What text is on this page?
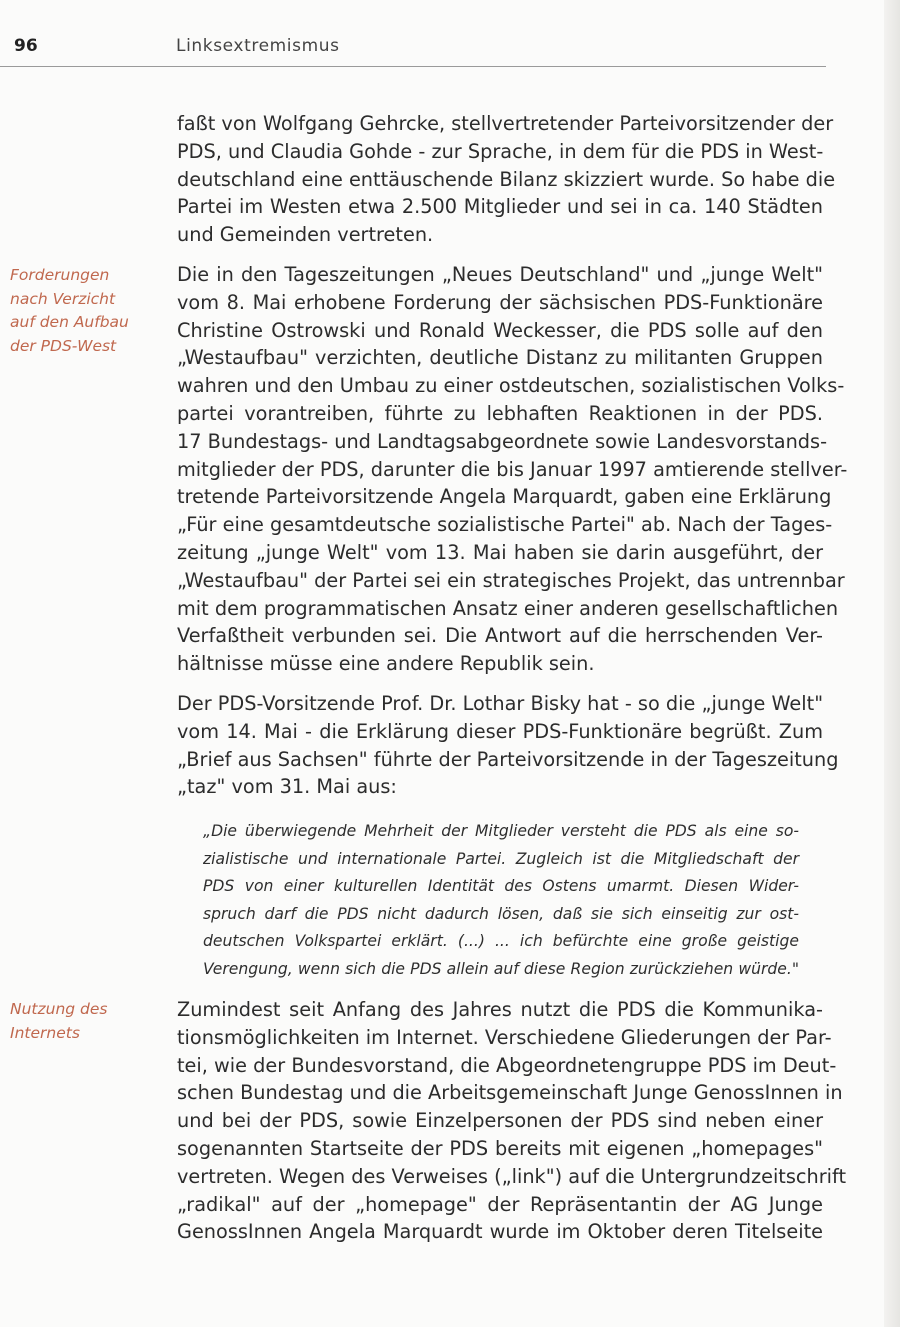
96	Linksextremismus
Forderungen
nach Verzicht
auf den Aufbau
der PDS-West
Nutzung des
Internets
faßt von Wolfgang Gehrcke, stellvertretender Parteivorsitzender der
PDS, und Claudia Gohde - zur Sprache, in dem für die PDS in West-
deutschland eine enttäuschende Bilanz skizziert wurde. So habe die
Partei im Westen etwa 2.500 Mitglieder und sei in ca. 140 Städten
und Gemeinden vertreten.
Die in den Tageszeitungen „Neues Deutschland" und „junge Welt"
vom 8. Mai erhobene Forderung der sächsischen PDS-Funktionäre
Christine Ostrowski und Ronald Weckesser, die PDS solle auf den
„Westaufbau" verzichten, deutliche Distanz zu militanten Gruppen
wahren und den Umbau zu einer ostdeutschen, sozialistischen Volks-
partei vorantreiben, führte zu lebhaften Reaktionen in der PDS.
17 Bundestags- und Landtagsabgeordnete sowie Landesvorstands-
mitglieder der PDS, darunter die bis Januar 1997 amtierende stellver-
tretende Parteivorsitzende Angela Marquardt, gaben eine Erklärung
„Für eine gesamtdeutsche sozialistische Partei" ab. Nach der Tages-
zeitung „junge Welt" vom 13. Mai haben sie darin ausgeführt, der
„Westaufbau" der Partei sei ein strategisches Projekt, das untrennbar
mit dem programmatischen Ansatz einer anderen gesellschaftlichen
Verfaßtheit verbunden sei. Die Antwort auf die herrschenden Ver-
hältnisse müsse eine andere Republik sein.
Der PDS-Vorsitzende Prof. Dr. Lothar Bisky hat - so die „junge Welt"
vom 14. Mai - die Erklärung dieser PDS-Funktionäre begrüßt. Zum
„Brief aus Sachsen" führte der Parteivorsitzende in der Tageszeitung
„taz" vom 31. Mai aus:
„Die überwiegende Mehrheit der Mitglieder versteht die PDS als eine so-
zialistische und internationale Partei. Zugleich ist die Mitgliedschaft der
PDS von einer kulturellen Identität des Ostens umarmt. Diesen Wider-
spruch darf die PDS nicht dadurch lösen, daß sie sich einseitig zur ost-
deutschen Volkspartei erklärt. (...) ... ich befürchte eine große geistige
Verengung, wenn sich die PDS allein auf diese Region zurückziehen würde."
Zumindest seit Anfang des Jahres nutzt die PDS die Kommunika-
tionsmöglichkeiten im Internet. Verschiedene Gliederungen der Par-
tei, wie der Bundesvorstand, die Abgeordnetengruppe PDS im Deut-
schen Bundestag und die Arbeitsgemeinschaft Junge GenossInnen in
und bei der PDS, sowie Einzelpersonen der PDS sind neben einer
sogenannten Startseite der PDS bereits mit eigenen „homepages"
vertreten. Wegen des Verweises („link") auf die Untergrundzeitschrift
„radikal" auf der „homepage" der Repräsentantin der AG Junge
GenossInnen Angela Marquardt wurde im Oktober deren Titelseite
